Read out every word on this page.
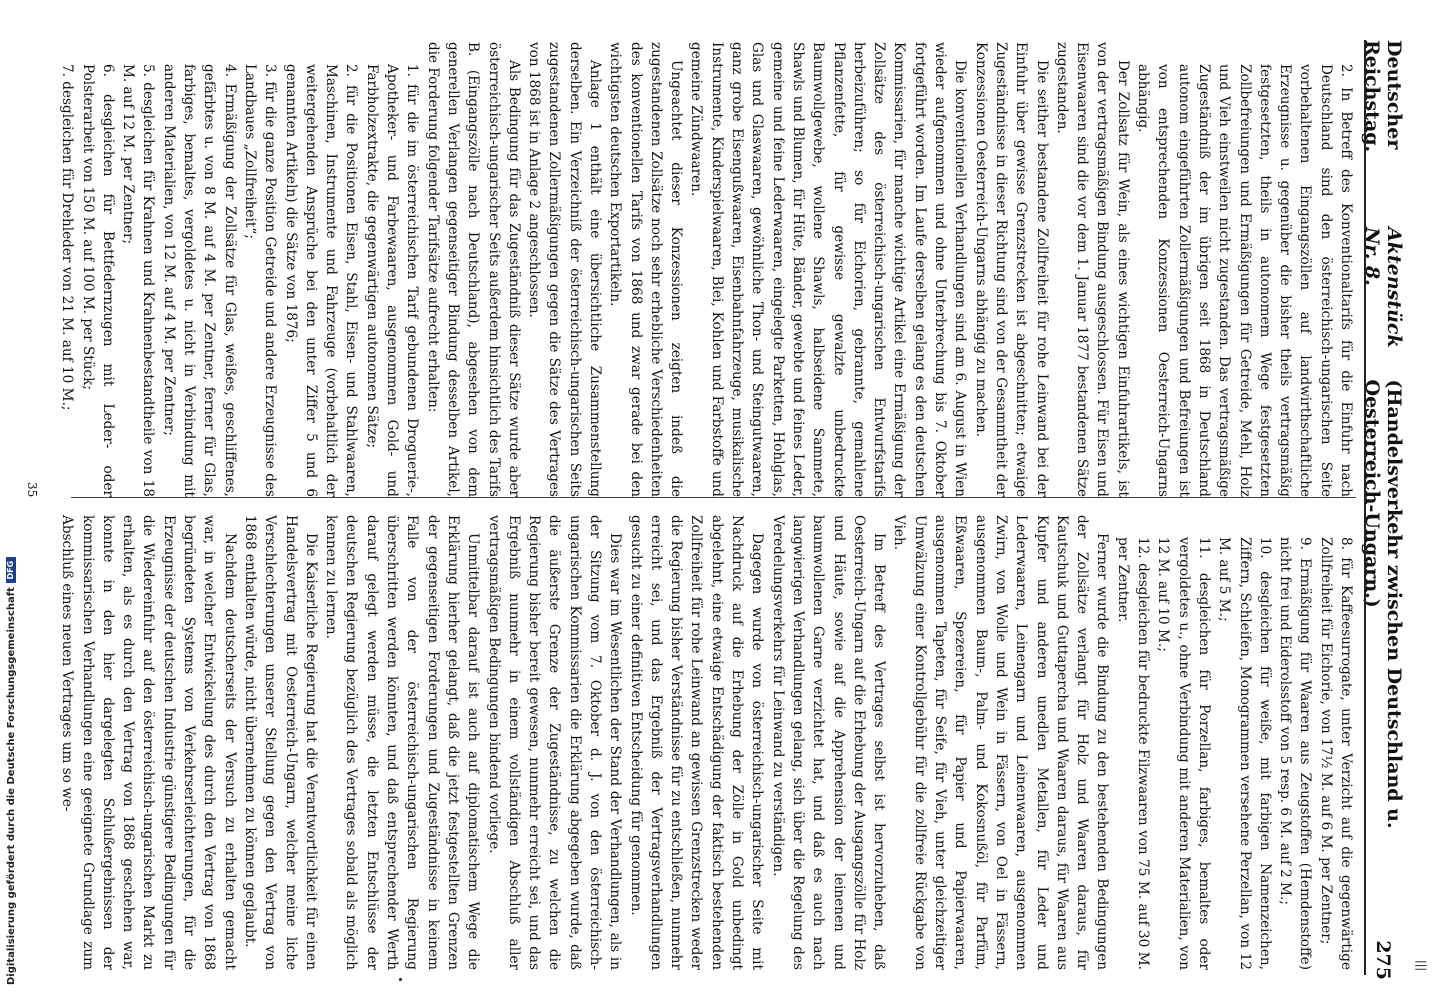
Deutscher Reichstag.
Aktenstück Nr. 8.
(Handelsverkehr zwischen Deutschland u. Oesterreich-Ungarn.)
275

2. In Betreff des Konventionaltarifs für die Einfuhr nach Deutschland sind den österreichisch-ungarischen Seite vorbehaltenen Eingangszöllen auf landwirthschaftliche Erzeugnisse u. gegenüber die bisher theils vertragsmäßig festgesetzten, theils in autonomem Wege festgesetzten Zollbefreiungen und Ermäßigungen für Getreide, Mehl, Holz und Vieh einstweilen nicht zugestanden. Das vertragsmäßige Zugeständniß der im übrigen seit 1868 in Deutschland autonom eingeführten Zollermäßigungen und Befreiungen ist von entsprechenden Konzessionen Oesterreich-Ungarns abhängig.

Der Zollsatz für Wein, als eines wichtigen Einfuhrartikels, ist von der vertragsmäßigen Bindung ausgeschlossen. Für Eisen und Eisenwaaren sind die vor dem 1. Januar 1877 bestandenen Sätze zugestanden.

Die seither bestandene Zollfreiheit für rohe Leinwand bei der Einfuhr über gewisse Grenzstrecken ist abgeschnitten; etwaige Zugeständnisse in dieser Richtung sind von der Gesammtheit der Konzessionen Oesterreich-Ungarns abhängig zu machen.

Die konventionellen Verhandlungen sind am 6. August in Wien wieder aufgenommen und ohne Unterbrechung bis 7. Oktober fortgeführt worden. Im Laufe derselben gelang es den deutschen Kommissarien, für manche wichtige Artikel eine Ermäßigung der Zollsätze des österreichisch-ungarischen Entwurfstarifs herbeizuführen; so für Eichorien, gebrannte, gemahlene Pflanzenfette, für gewisse gewalzte unbedruckte Baumwollgewebe, wollene Shawls, halbseidene Sammete, Shawls und Blumen, für Hüte, Bänder, gewebte und feines Leder, gemeine und feine Lederwaaren, eingelegte Parketten, Hohlglas, Glas und Glaswaaren, gewöhnliche Thon- und Steingutwaaren, ganz grobe Eisengußwaaren, Eisenbahnfahrzeuge, musikalische Instrumente, Kinderspielwaaren, Blei, Kohlen und Farbstoffe und gemeine Zündwaaren.

Ungeachtet dieser Konzessionen zeigten indeß die zugestandenen Zollsätze noch sehr erhebliche Verschiedenheiten des konventionellen Tarifs von 1868 und zwar gerade bei den wichtigsten deutschen Exportartikeln.

Anlage 1 enthält eine übersichtliche Zusammenstellung derselben. Ein Verzeichniß der österreichisch-ungarischen Seits zugestandenen Zollermäßigungen gegen die Sätze des Vertrages von 1868 ist in Anlage 2 angeschlossen.

Als Bedingung für das Zugeständniß dieser Sätze wurde aber österreichisch-ungarischer Seits außerdem hinsichtlich des Tarifs B. (Eingangszölle nach Deutschland), abgesehen von dem generellen Verlangen gegenseitiger Bindung desselben Artikel, die Forderung folgender Tarifsätze aufrecht erhalten:

1. für die im österreichischen Tarif gebundenen Droguerie-, Apotheker- und Farbewaaren, ausgenommen Gold- und Farbholzextrakte, die gegenwärtigen autonomen Sätze;

2. für die Positionen Eisen, Stahl, Eisen- und Stahlwaaren, Maschinen, Instrumente und Fahrzeuge (vorbehaltlich der weitergehenden Ansprüche bei den unter Ziffer 5 und 6 genannten Artikeln) die Sätze von 1876;

3. für die ganze Position Getreide und andere Erzeugnisse des Landbaues „Zollfreiheit“;

4. Ermäßigung der Zollsätze für Glas, weißes, geschliffenes, gefärbtes u. von 8 M. auf 4 M. per Zentner, ferner für Glas, farbiges, bemaltes, vergoldetes u. nicht in Verbindung mit anderen Materialien, von 12 M. auf 4 M. per Zentner;

5. desgleichen für Krahnen und Krahnenbestandtheile von 18 M. auf 12 M. per Zentner;

6. desgleichen für Bettfedernzugen mit Leder- oder Polsterarbeit von 150 M. auf 100 M. per Stück;

7. desgleichen für Drehleder von 21 M. auf 10 M.;

8. für Kaffeesurrogate, unter Verzicht auf die gegenwärtige Zollfreiheit für Eichorie, von 17½ M. auf 6 M. per Zentner;

9. Ermäßigung für Waaren aus Zeugstoffen (Hemdenstoffe) nicht frei und Eiderolsstoff von 5 resp. 6 M. auf 2 M.;

10. desgleichen für weiße, mit farbigen Namenzeichen, Ziffern, Schleifen, Monogrammen versehene Perzellan, von 12 M. auf 5 M.;

11. desgleichen für Porzellan, farbiges, bemaltes oder vergoldetes u., ohne Verbindung mit anderen Materialien, von 12 M. auf 10 M.;

12. desgleichen für bedruckte Filzwaaren von 75 M. auf 30 M. per Zentner.

Ferner wurde die Bindung zu den bestehenden Bedingungen der Zollsätze verlangt für Holz und Waaren daraus, für Kautschuk und Guttapercha und Waaren daraus, für Waaren aus Kupfer und anderen unedlen Metallen, für Leder und Lederwaaren, Leinengarn und Leinenwaaren, ausgenommen Zwirn, von Wolle und Wein in Fässern, von Oel in Fässern, ausgenommen Baum-, Palm- und Kokosnußöl, für Parfüm, Eßwaaren, Spezereien, für Papier und Papierwaaren, ausgenommen Tapeten, für Seife, für Vieh, unter gleichzeitiger Umwälzung einer Kontrollgebühr für die zollfreie Rückgabe von Vieh.

Im Betreff des Vertrages selbst ist hervorzuheben, daß Oesterreich-Ungarn auf die Erhebung der Ausgangszölle für Holz und Häute, sowie auf die Apprehension der leinenen und baumwollenen Garne verzichtet hat, und daß es auch nach langwierigen Verhandlungen gelang, sich über die Regelung des Veredelungsverkehrs für Leinwand zu verständigen.

Dagegen wurde von österreichisch-ungarischer Seite mit Nachdruck auf die Erhebung der Zölle in Gold unbedingt abgelehnt, eine etwaige Entschädigung der faktisch bestehenden Zollfreiheit für rohe Leinwand an gewissen Grenzstrecken weder die Regierung bisher Verständnisse für zu entschließen, nunmehr erreicht sei, und das Ergebniß der Vertragsverhandlungen gesucht zu einer definitiven Entscheidung für genommen.

Dies war im Wesentlichen der Stand der Verhandlungen, als in der Sitzung vom 7. Oktober d. J. von den österreichisch-ungarischen Kommissarien die Erklärung abgegeben wurde, daß die äußerste Grenze der Zugeständnisse, zu welchen die Regierung bisher bereit gewesen, nunmehr erreicht sei, und das Ergebniß nunmehr in einem vollständigen Abschluß aller vertragsmäßigen Bedingungen bindend vorliege.

Unmittelbar darauf ist auch auf diplomatischem Wege die Erklärung hierher gelangt, daß die jetzt festgestellten Grenzen der gegenseitigen Forderungen und Zugeständnisse in keinem Falle von der österreichisch-ungarischen Regierung überschritten werden könnten, und daß entsprechender Werth darauf gelegt werden müsse, die letzten Entschlüsse der deutschen Regierung bezüglich des Vertrages sobald als möglich kennen zu lernen.

Die Kaiserliche Regierung hat die Verantwortlichkeit für einen Handelsvertrag mit Oesterreich-Ungarn, welcher meine liche Verschlechterungen unserer Stellung gegen den Vertrag von 1868 enthalten würde, nicht übernehmen zu können geglaubt.

Nachdem deutscherseits der Versuch zu erhalten gemacht war, in welcher Entwickelung des durch den Vertrag von 1868 begründeten Systems von Verkehrserleichterungen, für die Erzeugnisse der deutschen Industrie günstigere Bedingungen für die Wiedereinfuhr auf den österreichisch-ungarischen Markt zu erhalten, als es durch den Vertrag von 1868 geschehen war, konnte in den hier dargelegten Schlußergebnissen der kommissarischen Verhandlungen eine geeignete Grundlage zum Abschluß eines neuen Vertrages um so we-

35
|||
Digitalisierung gefördert durch die Deutsche ForschungsgemeinschaftDFG
